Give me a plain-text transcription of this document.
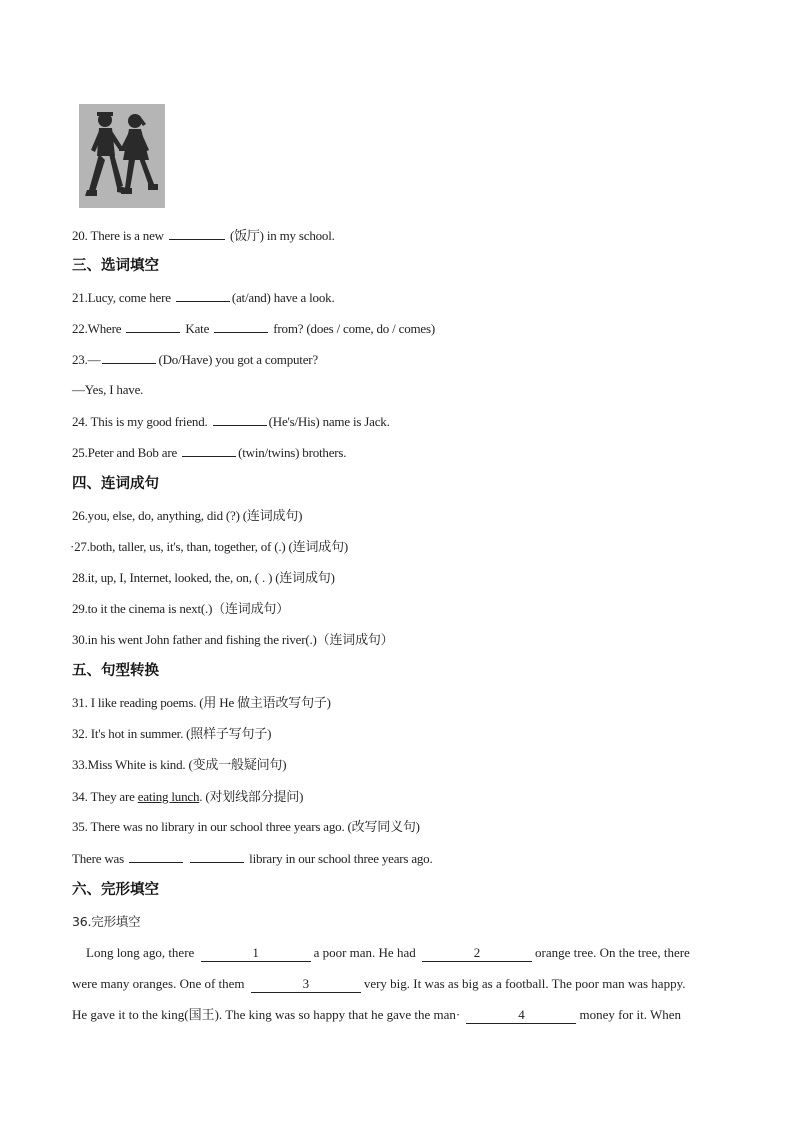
20. There is a new	(饭厅) in my school.
三、选词填空
21.Lucy, come here	(at/and) have a look.
22.Where	Kate	from? (does / come, do / comes)
23.—	(Do/Have) you got a computer?
—Yes, I have.
24. This is my good friend.	(He's/His) name is Jack.
25.Peter and Bob are	(twin/twins) brothers.
四、连词成句
26.you, else, do, anything, did (?) (连词成句)
·27.both, taller, us, it's, than, together, of (.) (连词成句)
28.it, up, I, Internet, looked, the, on, ( . ) (连词成句)
29.to it the cinema is next(.)（连词成句）
30.in his went John father and fishing the river(.)（连词成句）
五、句型转换
31. I like reading poems. (用 He 做主语改写句子)
32. It's hot in summer. (照样子写句子)
33.Miss White is kind. (变成一般疑问句)
34. They are eating lunch. (对划线部分提问)
35. There was no library in our school three years ago. (改写同义句)
There was	library in our school three years ago.
六、完形填空
36.完形填空
Long long ago, there	1	a poor man. He had	2	orange tree. On the tree, there
were many oranges. One of them	3	very big. It was as big as a football. The poor man was happy.
He gave it to the king(国王). The king was so happy that he gave the man·	4	money for it. When
